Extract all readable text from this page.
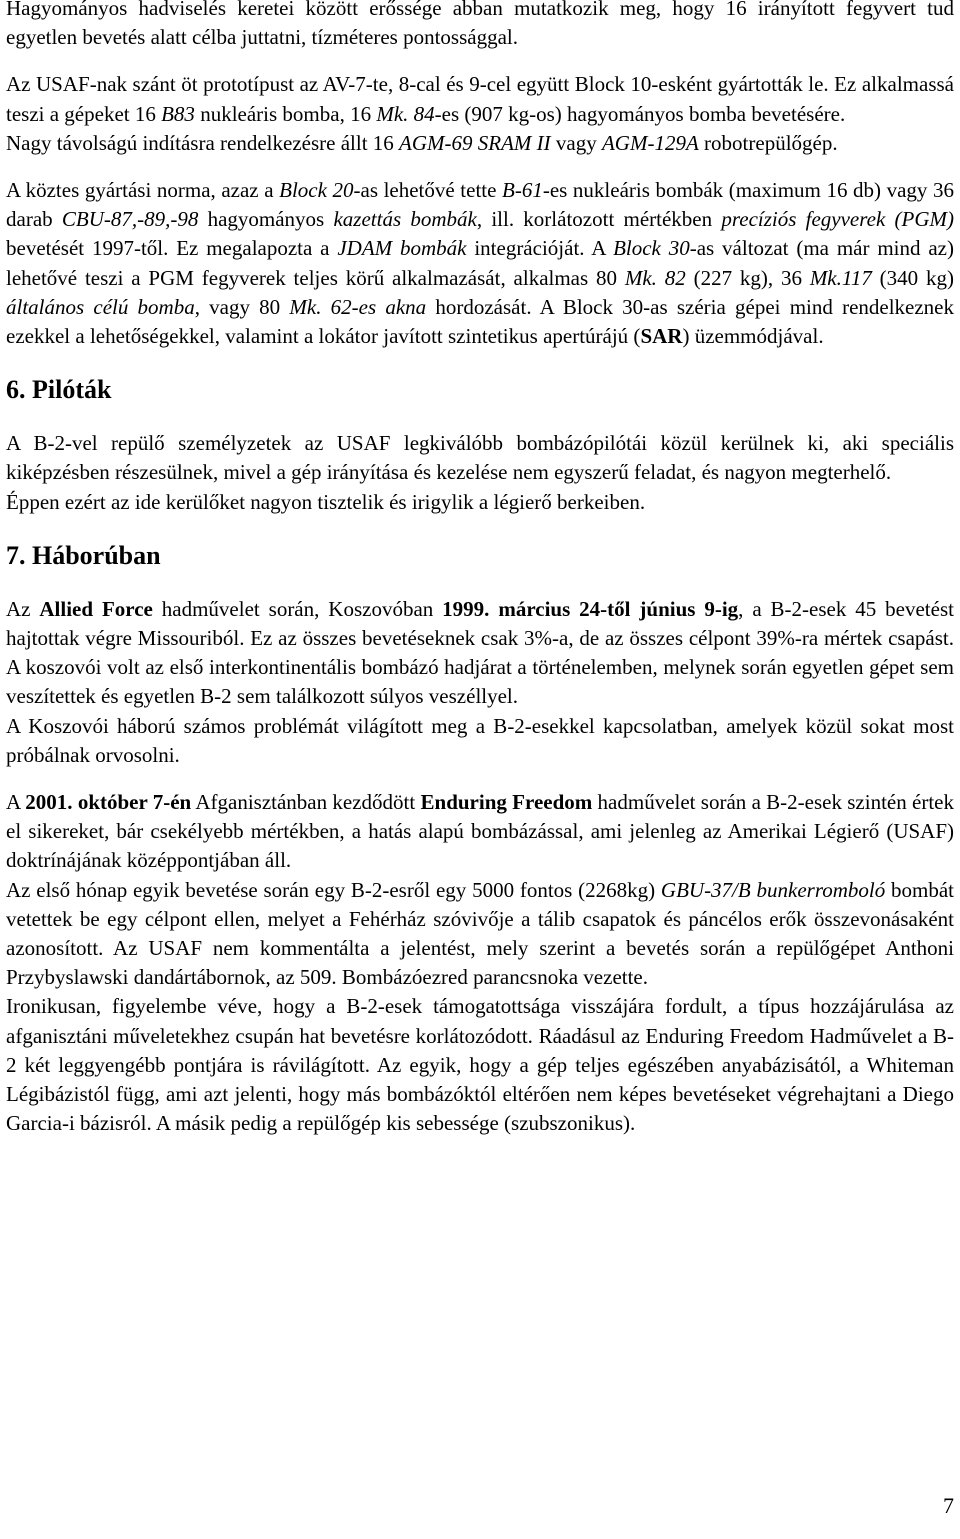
Hagyományos hadviselés keretei között erőssége abban mutatkozik meg, hogy 16 irányított fegyvert tud egyetlen bevetés alatt célba juttatni, tízméteres pontossággal.

Az USAF-nak szánt öt prototípust az AV-7-te, 8-cal és 9-cel együtt Block 10-esként gyártották le. Ez alkalmassá teszi a gépeket 16 B83 nukleáris bomba, 16 Mk. 84-es (907 kg-os) hagyományos bomba bevetésére.

Nagy távolságú indításra rendelkezésre állt 16 AGM-69 SRAM II vagy AGM-129A robotrepülőgép.

A köztes gyártási norma, azaz a Block 20-as lehetővé tette B-61-es nukleáris bombák (maximum 16 db) vagy 36 darab CBU-87,-89,-98 hagyományos kazettás bombák, ill. korlátozott mértékben precíziós fegyverek (PGM) bevetését 1997-től. Ez megalapozta a JDAM bombák integrációját. A Block 30-as változat (ma már mind az) lehetővé teszi a PGM fegyverek teljes körű alkalmazását, alkalmas 80 Mk. 82 (227 kg), 36 Mk.117 (340 kg) általános célú bomba, vagy 80 Mk. 62-es akna hordozását. A Block 30-as széria gépei mind rendelkeznek ezekkel a lehetőségekkel, valamint a lokátor javított szintetikus apertúrájú (SAR) üzemmódjával.

6. Pilóták

A B-2-vel repülő személyzetek az USAF legkiválóbb bombázópilótái közül kerülnek ki, aki speciális kiképzésben részesülnek, mivel a gép irányítása és kezelése nem egyszerű feladat, és nagyon megterhelő.

Éppen ezért az ide kerülőket nagyon tisztelik és irigylik a légierő berkeiben.

7. Háborúban

Az Allied Force hadművelet során, Koszovóban 1999. március 24-től június 9-ig, a B-2-esek 45 bevetést hajtottak végre Missouriból. Ez az összes bevetéseknek csak 3%-a, de az összes célpont 39%-ra mértek csapást. A koszovói volt az első interkontinentális bombázó hadjárat a történelemben, melynek során egyetlen gépet sem veszítettek és egyetlen B-2 sem találkozott súlyos veszéllyel.

A Koszovói háború számos problémát világított meg a B-2-esekkel kapcsolatban, amelyek közül sokat most próbálnak orvosolni.

A 2001. október 7-én Afganisztánban kezdődött Enduring Freedom hadművelet során a B-2-esek szintén értek el sikereket, bár csekélyebb mértékben, a hatás alapú bombázással, ami jelenleg az Amerikai Légierő (USAF) doktrínájának középpontjában áll.

Az első hónap egyik bevetése során egy B-2-esről egy 5000 fontos (2268kg) GBU-37/B bunkerromboló bombát vetettek be egy célpont ellen, melyet a Fehérház szóvivője a tálib csapatok és páncélos erők összevonásaként azonosított. Az USAF nem kommentálta a jelentést, mely szerint a bevetés során a repülőgépet Anthoni Przybyslawski dandártábornok, az 509. Bombázóezred parancsnoka vezette.

Ironikusan, figyelembe véve, hogy a B-2-esek támogatottsága visszájára fordult, a típus hozzájárulása az afganisztáni műveletekhez csupán hat bevetésre korlátozódott. Ráadásul az Enduring Freedom Hadművelet a B-2 két leggyengébb pontjára is rávilágított. Az egyik, hogy a gép teljes egészében anyabázisától, a Whiteman Légibázistól függ, ami azt jelenti, hogy más bombázóktól eltérően nem képes bevetéseket végrehajtani a Diego Garcia-i bázisról. A másik pedig a repülőgép kis sebessége (szubszonikus).

7
